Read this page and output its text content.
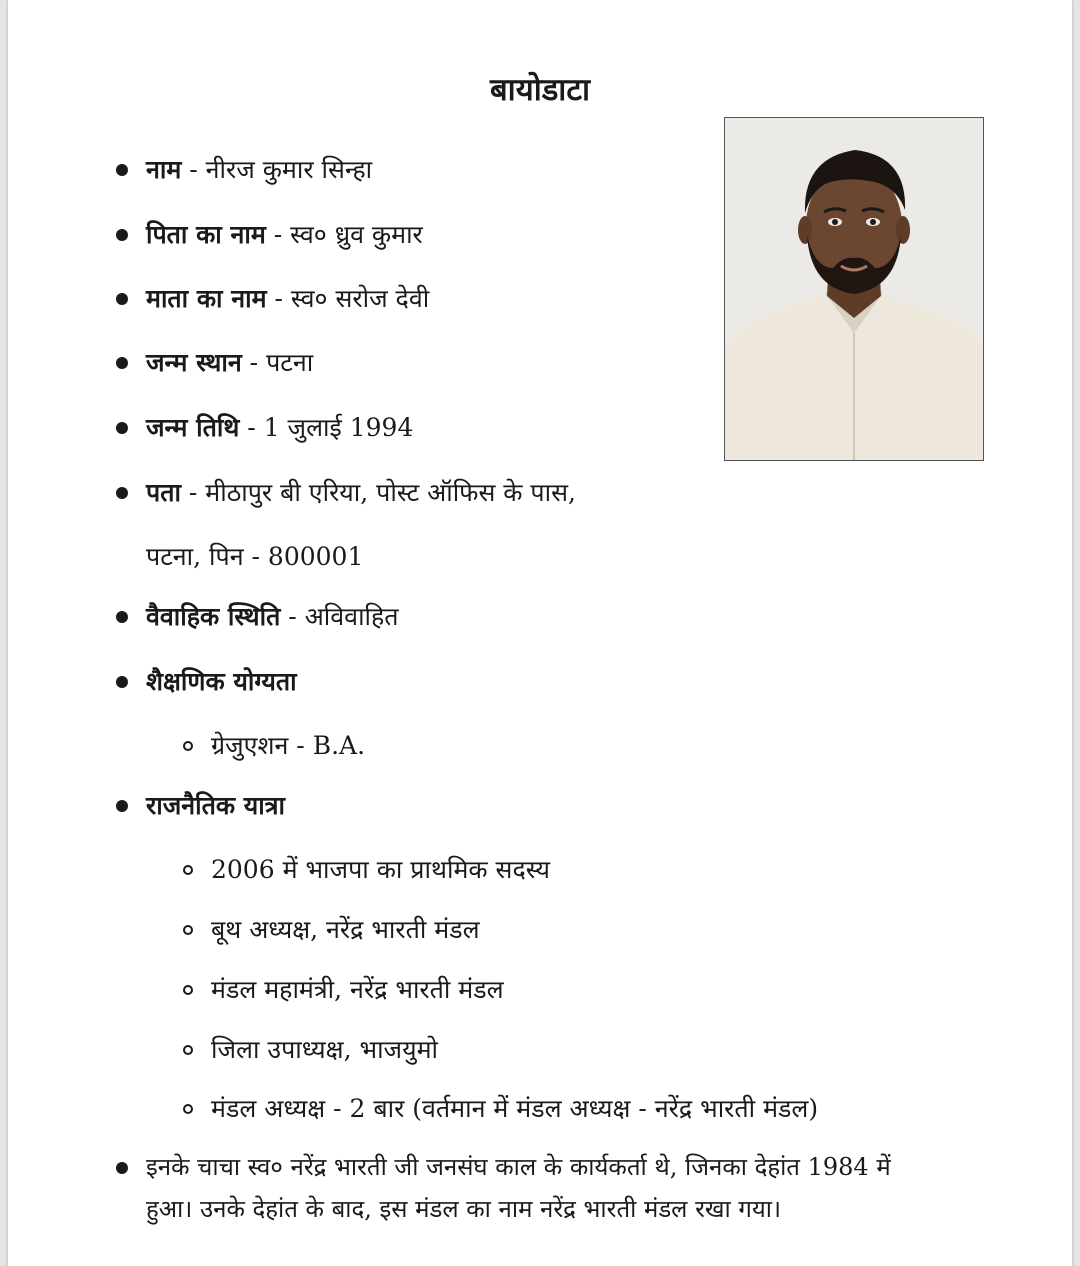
बायोडाटा
नाम - नीरज कुमार सिन्हा
पिता का नाम - स्व० ध्रुव कुमार
माता का नाम - स्व० सरोज देवी
जन्म स्थान - पटना
जन्म तिथि - 1 जुलाई 1994
पता - मीठापुर बी एरिया, पोस्ट ऑफिस के पास,
पटना, पिन - 800001
वैवाहिक स्थिति - अविवाहित
शैक्षणिक योग्यता
ग्रेजुएशन - B.A.
राजनैतिक यात्रा
2006 में भाजपा का प्राथमिक सदस्य
बूथ अध्यक्ष, नरेंद्र भारती मंडल
मंडल महामंत्री, नरेंद्र भारती मंडल
जिला उपाध्यक्ष, भाजयुमो
मंडल अध्यक्ष - 2 बार (वर्तमान में मंडल अध्यक्ष - नरेंद्र भारती मंडल)
इनके चाचा स्व० नरेंद्र भारती जी जनसंघ काल के कार्यकर्ता थे, जिनका देहांत 1984 में
हुआ। उनके देहांत के बाद, इस मंडल का नाम नरेंद्र भारती मंडल रखा गया।
